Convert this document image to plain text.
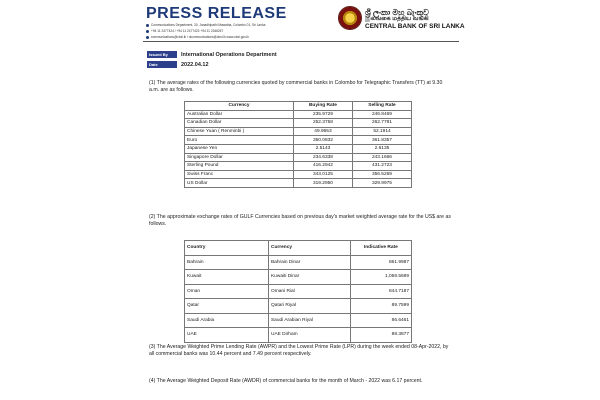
PRESS RELEASE
Communications Department, 30, Janadhipathi Mawatha, Colombo 01, Sri Lanka
+94 11 2477424 / +94 11 2477423 +94 11 2346257
communications@cbsl.lk / dcommunications@cbsl.lk www.cbsl.gov.lk
ශ්‍රී ලංකා මහ බැංකුව
இலங்கை மத்திய வங்கி
CENTRAL BANK OF SRI LANKA
Issued By	International Operations Department
Date	2022.04.12
(1) The average rates of the following currencies quoted by commercial banks in Colombo for Telegraphic Transfers (TT) at 9.30 a.m. are as follows.
Currency	Buying Rate	Selling Rate
Australian Dollar	235.9729	246.8469
Canadian Dollar	252.3758	262.7781
Chinese Yuan ( Renminbi )	49.9653	52.1914
Euro	350.0832	361.8357
Japanese Yen	2.5143	2.6135
Singapore Dollar	234.6338	243.1666
Sterling Pound	416.2942	431.2723
Swiss Franc	343.0125	356.5269
US Dollar	319.2950	329.9975
(2) The approximate exchange rates of GULF Currencies based on previous day's market weighted average rate for the US$ are as follows.
Country	Currency	Indicative Rate
Bahrain	Bahrain Dinar	861.9987
Kuwait	Kuwaiti Dinar	1,058.5689
Oman	Omani Rial	844.7187
Qatar	Qatari Riyal	89.7599
Saudi Arabia	Saudi Arabian Riyal	86.6461
UAE	UAE Dirham	88.3877
(3) The Average Weighted Prime Lending Rate (AWPR) and the Lowest Prime Rate (LPR) during the week ended 08-Apr-2022, by all commercial banks was 10.44 percent and 7.49 percent respectively.
(4) The Average Weighted Deposit Rate (AWDR) of commercial banks for the month of March - 2022 was 6.17 percent.
